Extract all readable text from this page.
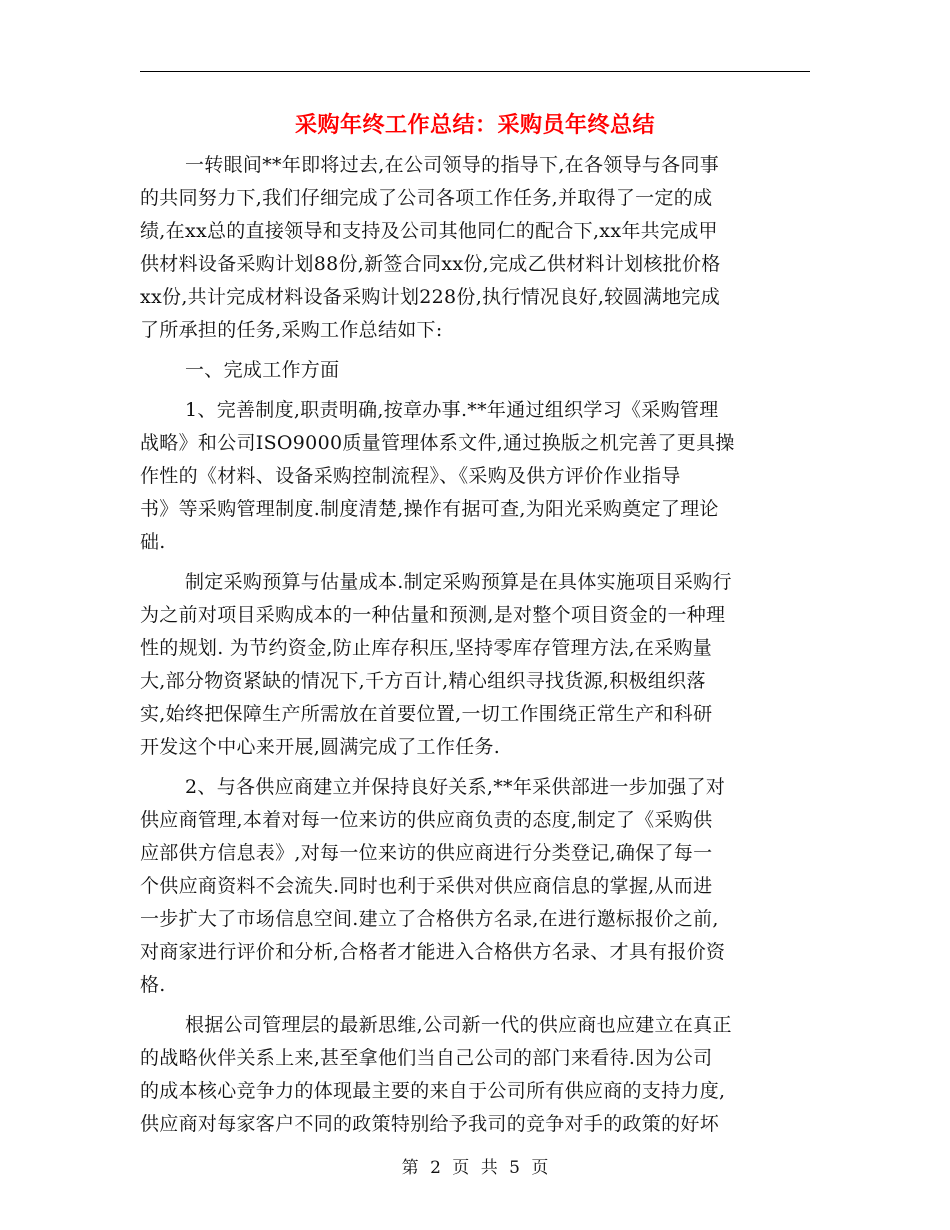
采购年终工作总结：采购员年终总结

一转眼间**年即将过去,在公司领导的指导下,在各领导与各同事
的共同努力下,我们仔细完成了公司各项工作任务,并取得了一定的成
绩,在xx总的直接领导和支持及公司其他同仁的配合下,xx年共完成甲
供材料设备采购计划88份,新签合同xx份,完成乙供材料计划核批价格
xx份,共计完成材料设备采购计划228份,执行情况良好,较圆满地完成
了所承担的任务,采购工作总结如下:

一、完成工作方面

1、完善制度,职责明确,按章办事.**年通过组织学习《采购管理
战略》和公司ISO9000质量管理体系文件,通过换版之机完善了更具操
作性的《材料、设备采购控制流程》、《采购及供方评价作业指导
书》等采购管理制度.制度清楚,操作有据可查,为阳光采购奠定了理论
础.

制定采购预算与估量成本.制定采购预算是在具体实施项目采购行
为之前对项目采购成本的一种估量和预测,是对整个项目资金的一种理
性的规划. 为节约资金,防止库存积压,坚持零库存管理方法,在采购量
大,部分物资紧缺的情况下,千方百计,精心组织寻找货源,积极组织落
实,始终把保障生产所需放在首要位置,一切工作围绕正常生产和科研
开发这个中心来开展,圆满完成了工作任务.

2、与各供应商建立并保持良好关系,**年采供部进一步加强了对
供应商管理,本着对每一位来访的供应商负责的态度,制定了《采购供
应部供方信息表》,对每一位来访的供应商进行分类登记,确保了每一
个供应商资料不会流失.同时也利于采供对供应商信息的掌握,从而进
一步扩大了市场信息空间.建立了合格供方名录,在进行邀标报价之前,
对商家进行评价和分析,合格者才能进入合格供方名录、才具有报价资
格.

根据公司管理层的最新思维,公司新一代的供应商也应建立在真正
的战略伙伴关系上来,甚至拿他们当自己公司的部门来看待.因为公司
的成本核心竞争力的体现最主要的来自于公司所有供应商的支持力度,
供应商对每家客户不同的政策特别给予我司的竞争对手的政策的好坏

第 2 页 共 5 页
